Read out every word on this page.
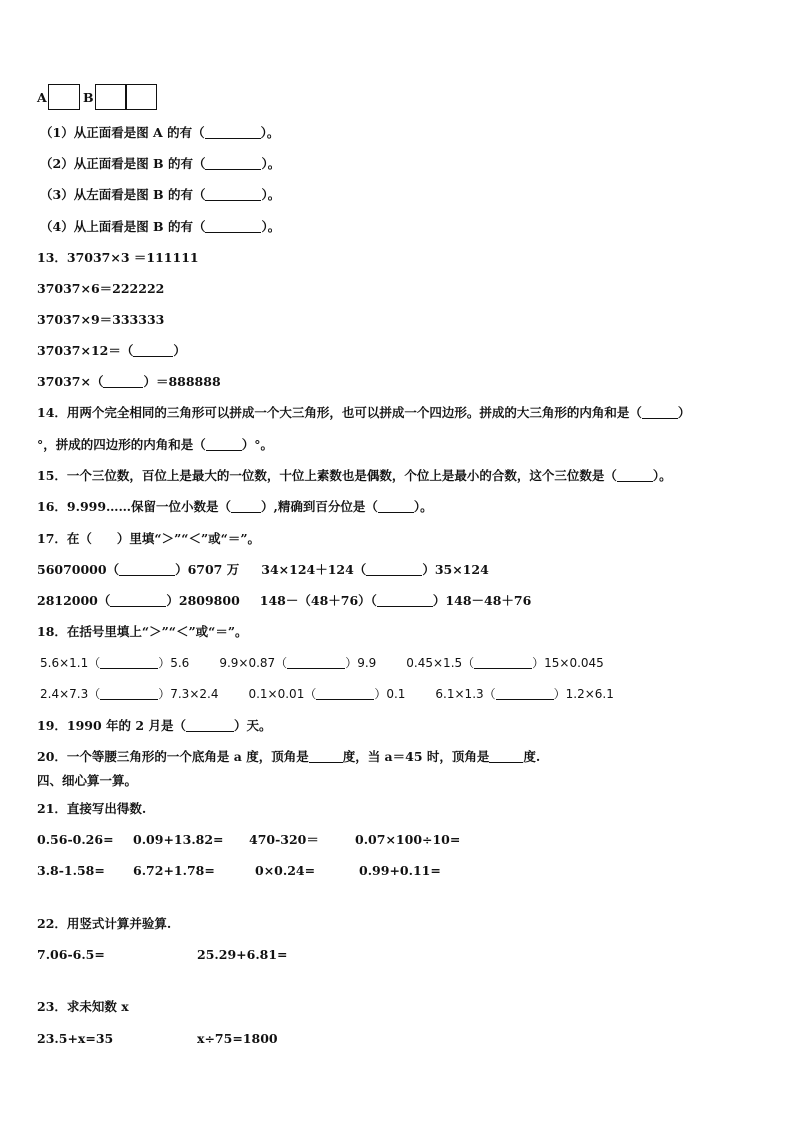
A	B
（1）从正面看是图 A 的有（	）。
（2）从正面看是图 B 的有（	）。
（3）从左面看是图 B 的有（	）。
（4）从上面看是图 B 的有（	）。
13．37037×3 ＝111111
37037×6＝222222
37037×9＝333333
37037×12＝（	）
37037×（	）＝888888
14．用两个完全相同的三角形可以拼成一个大三角形，也可以拼成一个四边形。拼成的大三角形的内角和是（	）
°，拼成的四边形的内角和是（	）°。
15．一个三位数，百位上是最大的一位数，十位上素数也是偶数，个位上是最小的合数，这个三位数是（	）。
16．9.999……保留一位小数是（ ）,精确到百分位是（	）。
17．在（　　）里填“＞”“＜”或“＝”。
56070000（	）6707 万 34×124＋124（	）35×124
2812000（	）2809800 148－（48＋76）（	）148－48＋76
18．在括号里填上“＞”“＜”或“＝”。
5.6×1.1（	）5.6	9.9×0.87（	）9.9	0.45×1.5（	）15×0.045
2.4×7.3（	）7.3×2.4	0.1×0.01（	）0.1	6.1×1.3（	）1.2×6.1
19．1990 年的 2 月是（	）天。
20．一个等腰三角形的一个底角是 a 度，顶角是	度，当 a＝45 时，顶角是	度.
四、细心算一算。
21．直接写出得数.
0.56-0.26= 0.09+13.82= 470-320＝	0.07×100÷10=
3.8-1.58= 6.72+1.78=	0×0.24=	0.99+0.11=
22．用竖式计算并验算.
7.06-6.5=	25.29+6.81=
23．求未知数 x
23.5+x=35	x÷75=1800
